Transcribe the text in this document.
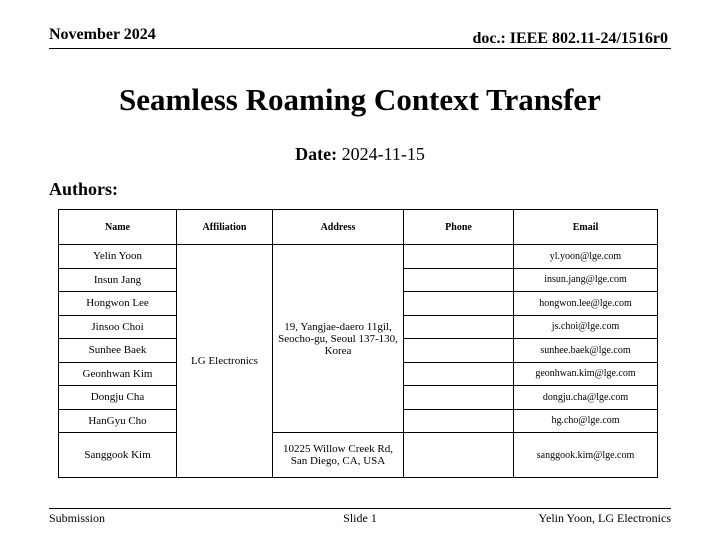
November 2024	doc.: IEEE 802.11-24/1516r0
Seamless Roaming Context Transfer
Date: 2024-11-15
Authors:
Name	Affiliation	Address	Phone	Email
Yelin Yoon	LG Electronics	19, Yangjae-daero 11gil, Seocho-gu, Seoul 137-130, Korea		yl.yoon@lge.com
Insun Jang				insun.jang@lge.com
Hongwon Lee				hongwon.lee@lge.com
Jinsoo Choi				js.choi@lge.com
Sunhee Baek				sunhee.baek@lge.com
Geonhwan Kim				geonhwan.kim@lge.com
Dongju Cha				dongju.cha@lge.com
HanGyu Cho				hg.cho@lge.com
Sanggook Kim		10225 Willow Creek Rd, San Diego, CA, USA		sanggook.kim@lge.com
Submission	Slide 1	Yelin Yoon, LG Electronics
